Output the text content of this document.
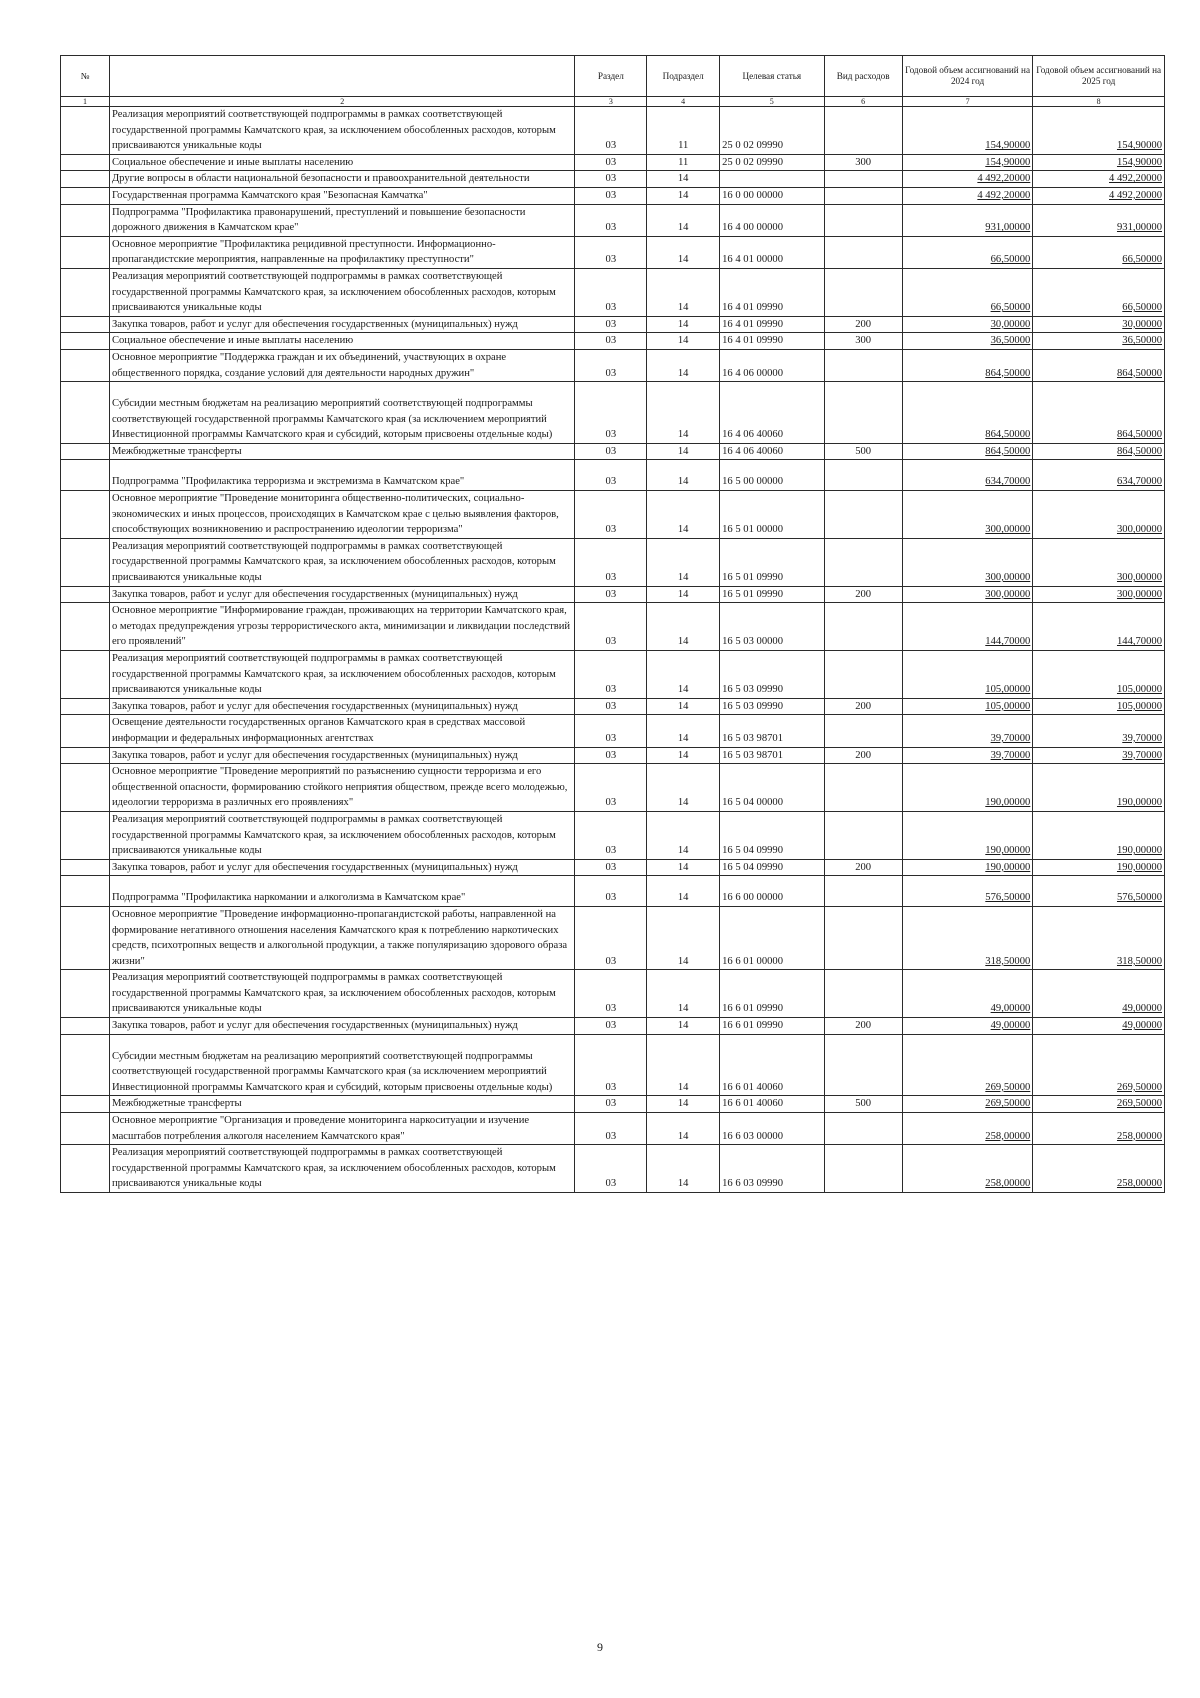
№		Раздел	Подраздел	Целевая статья	Вид расходов	Годовой объем ассигнований на 2024 год	Годовой объем ассигнований на 2025 год
1	2	3	4	5	6	7	8
	Реализация мероприятий соответствующей подпрограммы в рамках соответствующей государственной программы Камчатского края, за исключением обособленных расходов, которым присваиваются уникальные коды	03	11	25 0 02 09990		154,90000	154,90000
	Социальное обеспечение и иные выплаты населению	03	11	25 0 02 09990	300	154,90000	154,90000
	Другие вопросы в области национальной безопасности и правоохранительной деятельности	03	14			4 492,20000	4 492,20000
	Государственная программа Камчатского края "Безопасная Камчатка"	03	14	16 0 00 00000		4 492,20000	4 492,20000
	Подпрограмма "Профилактика правонарушений, преступлений и повышение безопасности дорожного движения в Камчатском крае"	03	14	16 4 00 00000		931,00000	931,00000
	Основное мероприятие "Профилактика рецидивной преступности. Информационно-пропагандистские мероприятия, направленные на профилактику преступности"	03	14	16 4 01 00000		66,50000	66,50000
	Реализация мероприятий соответствующей подпрограммы в рамках соответствующей государственной программы Камчатского края, за исключением обособленных расходов, которым присваиваются уникальные коды	03	14	16 4 01 09990		66,50000	66,50000
	Закупка товаров, работ и услуг для обеспечения государственных (муниципальных) нужд	03	14	16 4 01 09990	200	30,00000	30,00000
	Социальное обеспечение и иные выплаты населению	03	14	16 4 01 09990	300	36,50000	36,50000
	Основное мероприятие "Поддержка граждан и их объединений, участвующих в охране общественного порядка, создание условий для деятельности народных дружин"	03	14	16 4 06 00000		864,50000	864,50000
	Субсидии местным бюджетам на реализацию мероприятий соответствующей подпрограммы соответствующей государственной программы Камчатского края (за исключением мероприятий Инвестиционной программы Камчатского края и субсидий, которым присвоены отдельные коды)	03	14	16 4 06 40060		864,50000	864,50000
	Межбюджетные трансферты	03	14	16 4 06 40060	500	864,50000	864,50000
	Подпрограмма "Профилактика терроризма и экстремизма в Камчатском крае"	03	14	16 5 00 00000		634,70000	634,70000
	Основное мероприятие "Проведение мониторинга общественно-политических, социально-экономических и иных процессов, происходящих в Камчатском крае с целью выявления факторов, способствующих возникновению и распространению идеологии терроризма"	03	14	16 5 01 00000		300,00000	300,00000
	Реализация мероприятий соответствующей подпрограммы в рамках соответствующей государственной программы Камчатского края, за исключением обособленных расходов, которым присваиваются уникальные коды	03	14	16 5 01 09990		300,00000	300,00000
	Закупка товаров, работ и услуг для обеспечения государственных (муниципальных) нужд	03	14	16 5 01 09990	200	300,00000	300,00000
	Основное мероприятие "Информирование граждан, проживающих на территории Камчатского края, о методах предупреждения угрозы террористического акта, минимизации и ликвидации последствий его проявлений"	03	14	16 5 03 00000		144,70000	144,70000
	Реализация мероприятий соответствующей подпрограммы в рамках соответствующей государственной программы Камчатского края, за исключением обособленных расходов, которым присваиваются уникальные коды	03	14	16 5 03 09990		105,00000	105,00000
	Закупка товаров, работ и услуг для обеспечения государственных (муниципальных) нужд	03	14	16 5 03 09990	200	105,00000	105,00000
	Освещение деятельности государственных органов Камчатского края в средствах массовой информации и федеральных информационных агентствах	03	14	16 5 03 98701		39,70000	39,70000
	Закупка товаров, работ и услуг для обеспечения государственных (муниципальных) нужд	03	14	16 5 03 98701	200	39,70000	39,70000
	Основное мероприятие "Проведение мероприятий по разъяснению сущности терроризма и его общественной опасности, формированию стойкого неприятия обществом, прежде всего молодежью, идеологии терроризма в различных его проявлениях"	03	14	16 5 04 00000		190,00000	190,00000
	Реализация мероприятий соответствующей подпрограммы в рамках соответствующей государственной программы Камчатского края, за исключением обособленных расходов, которым присваиваются уникальные коды	03	14	16 5 04 09990		190,00000	190,00000
	Закупка товаров, работ и услуг для обеспечения государственных (муниципальных) нужд	03	14	16 5 04 09990	200	190,00000	190,00000
	Подпрограмма "Профилактика наркомании и алкоголизма в Камчатском крае"	03	14	16 6 00 00000		576,50000	576,50000
	Основное мероприятие "Проведение информационно-пропагандистской работы, направленной на формирование негативного отношения населения Камчатского края к потреблению наркотических средств, психотропных веществ и алкогольной продукции, а также популяризацию здорового образа жизни"	03	14	16 6 01 00000		318,50000	318,50000
	Реализация мероприятий соответствующей подпрограммы в рамках соответствующей государственной программы Камчатского края, за исключением обособленных расходов, которым присваиваются уникальные коды	03	14	16 6 01 09990		49,00000	49,00000
	Закупка товаров, работ и услуг для обеспечения государственных (муниципальных) нужд	03	14	16 6 01 09990	200	49,00000	49,00000
	Субсидии местным бюджетам на реализацию мероприятий соответствующей подпрограммы соответствующей государственной программы Камчатского края (за исключением мероприятий Инвестиционной программы Камчатского края и субсидий, которым присвоены отдельные коды)	03	14	16 6 01 40060		269,50000	269,50000
	Межбюджетные трансферты	03	14	16 6 01 40060	500	269,50000	269,50000
	Основное мероприятие "Организация и проведение мониторинга наркоситуации и изучение масштабов потребления алкоголя населением Камчатского края"	03	14	16 6 03 00000		258,00000	258,00000
	Реализация мероприятий соответствующей подпрограммы в рамках соответствующей государственной программы Камчатского края, за исключением обособленных расходов, которым присваиваются уникальные коды	03	14	16 6 03 09990		258,00000	258,00000
9
